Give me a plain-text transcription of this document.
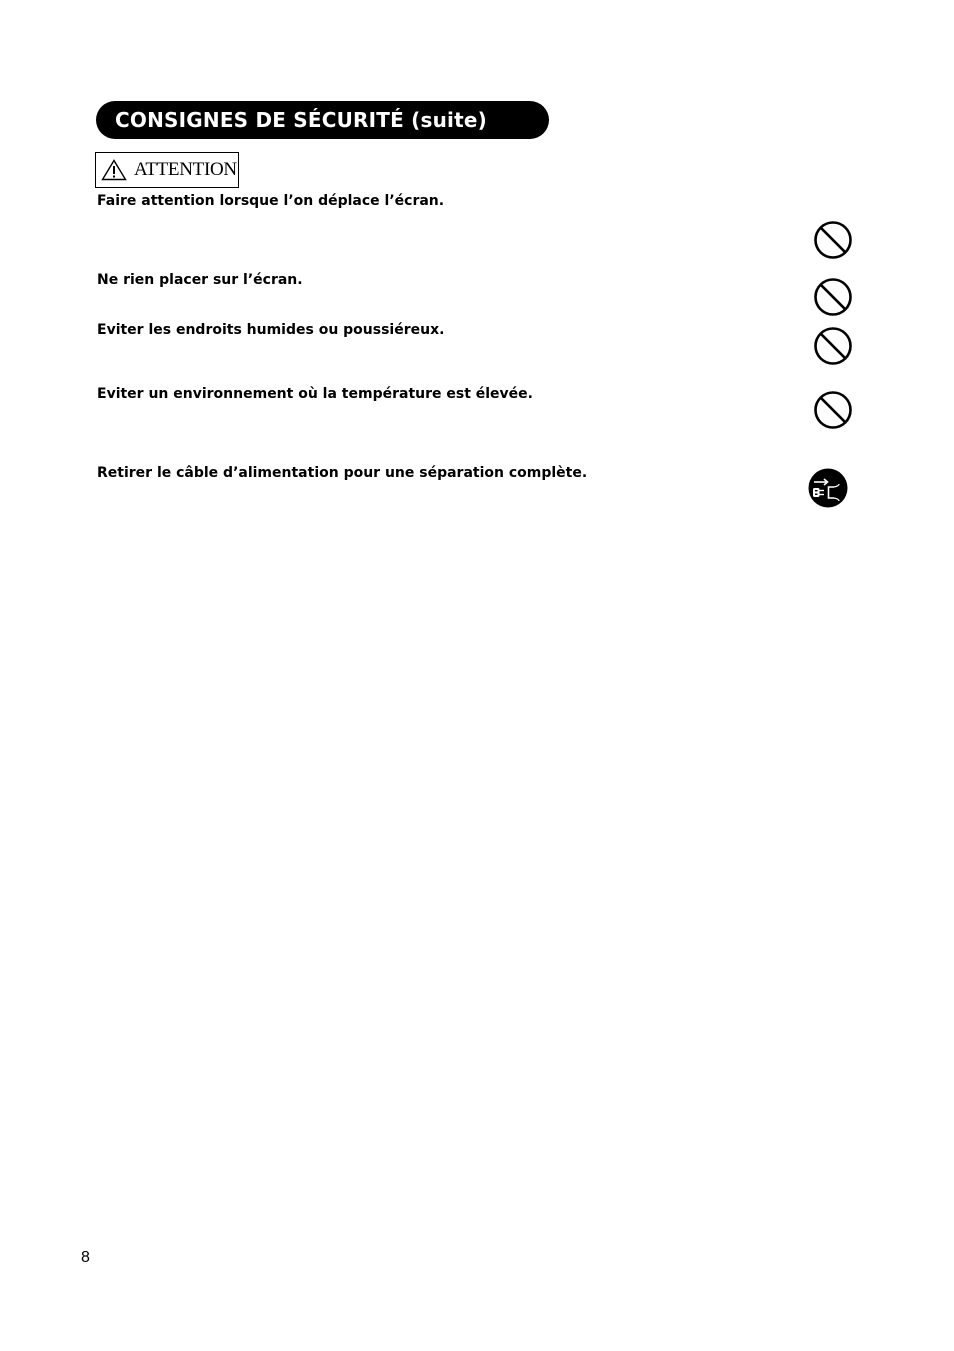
CONSIGNES DE SÉCURITÉ (suite)
ATTENTION
Faire attention lorsque l’on déplace l’écran.
Ne rien placer sur l’écran.
Eviter les endroits humides ou poussiéreux.
Eviter un environnement où la température est élevée.
Retirer le câble d’alimentation pour une séparation complète.
8
